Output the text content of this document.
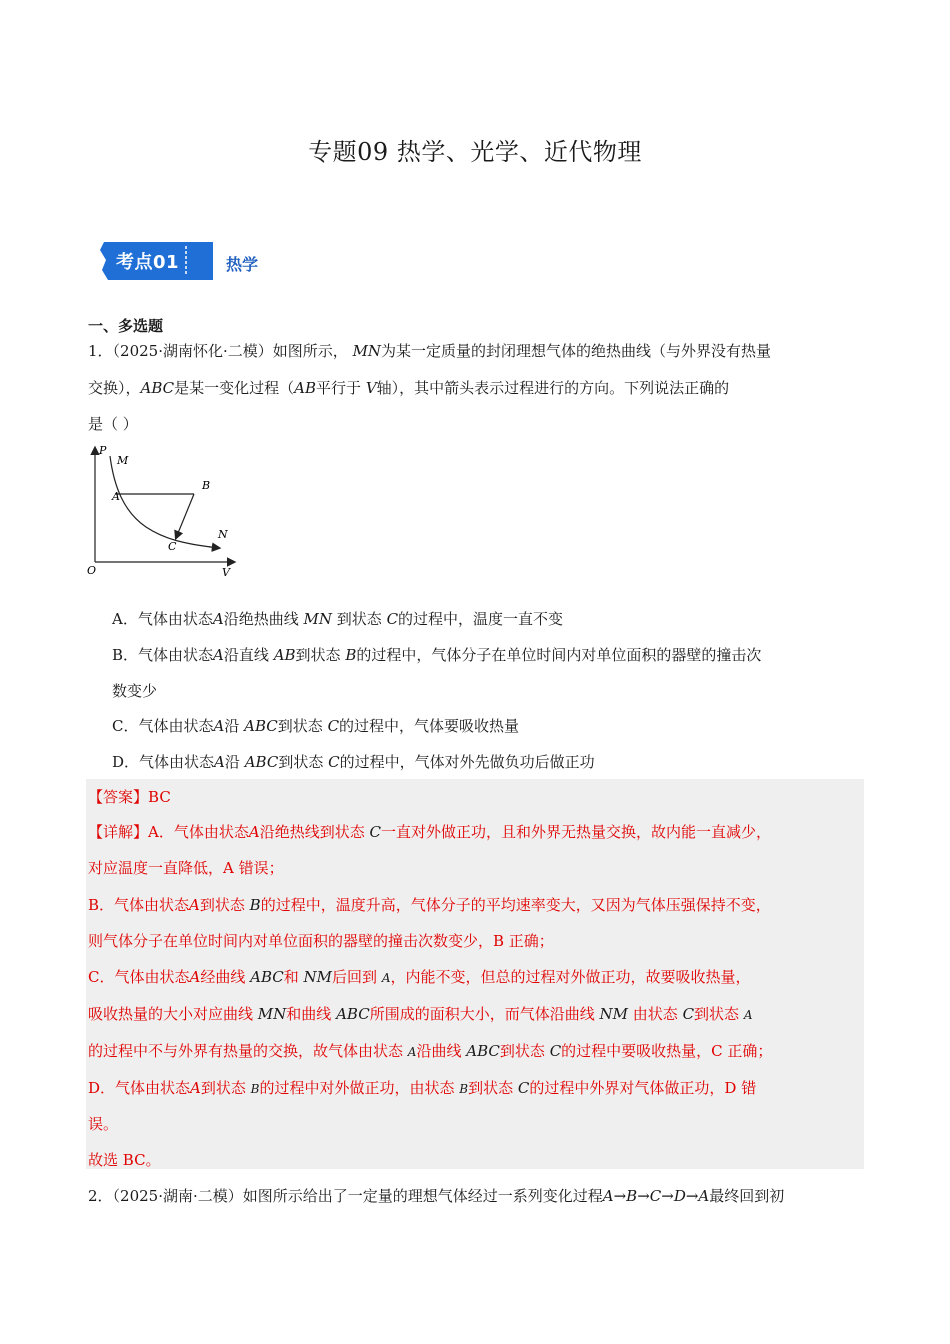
专题09 热学、光学、近代物理
考点01	热学
一、多选题
1．（2025·湖南怀化·二模）如图所示， MN为某一定质量的封闭理想气体的绝热曲线（与外界没有热量
交换），ABC是某一变化过程（AB平行于 V轴），其中箭头表示过程进行的方向。下列说法正确的
是（ ）
P
M
A
B
C
N
O	V
A．气体由状态A沿绝热曲线 MN 到状态 C的过程中，温度一直不变
B．气体由状态A沿直线 AB到状态 B的过程中，气体分子在单位时间内对单位面积的器壁的撞击次
数变少
C．气体由状态A沿 ABC到状态 C的过程中，气体要吸收热量
D．气体由状态A沿 ABC到状态 C的过程中，气体对外先做负功后做正功
【答案】BC
【详解】A．气体由状态A沿绝热线到状态 C一直对外做正功，且和外界无热量交换，故内能一直减少，
对应温度一直降低，A 错误；
B．气体由状态A到状态 B的过程中，温度升高，气体分子的平均速率变大，又因为气体压强保持不变，
则气体分子在单位时间内对单位面积的器壁的撞击次数变少，B 正确；
C．气体由状态A经曲线 ABC和 NM后回到 A，内能不变，但总的过程对外做正功，故要吸收热量，
吸收热量的大小对应曲线 MN和曲线 ABC所围成的面积大小，而气体沿曲线 NM 由状态 C到状态 A
的过程中不与外界有热量的交换，故气体由状态 A沿曲线 ABC到状态 C的过程中要吸收热量，C 正确；
D．气体由状态A到状态 B的过程中对外做正功，由状态 B到状态 C的过程中外界对气体做正功，D 错
误。
故选 BC。
2．（2025·湖南·二模）如图所示给出了一定量的理想气体经过一系列变化过程A→B→C→D→A最终回到初
